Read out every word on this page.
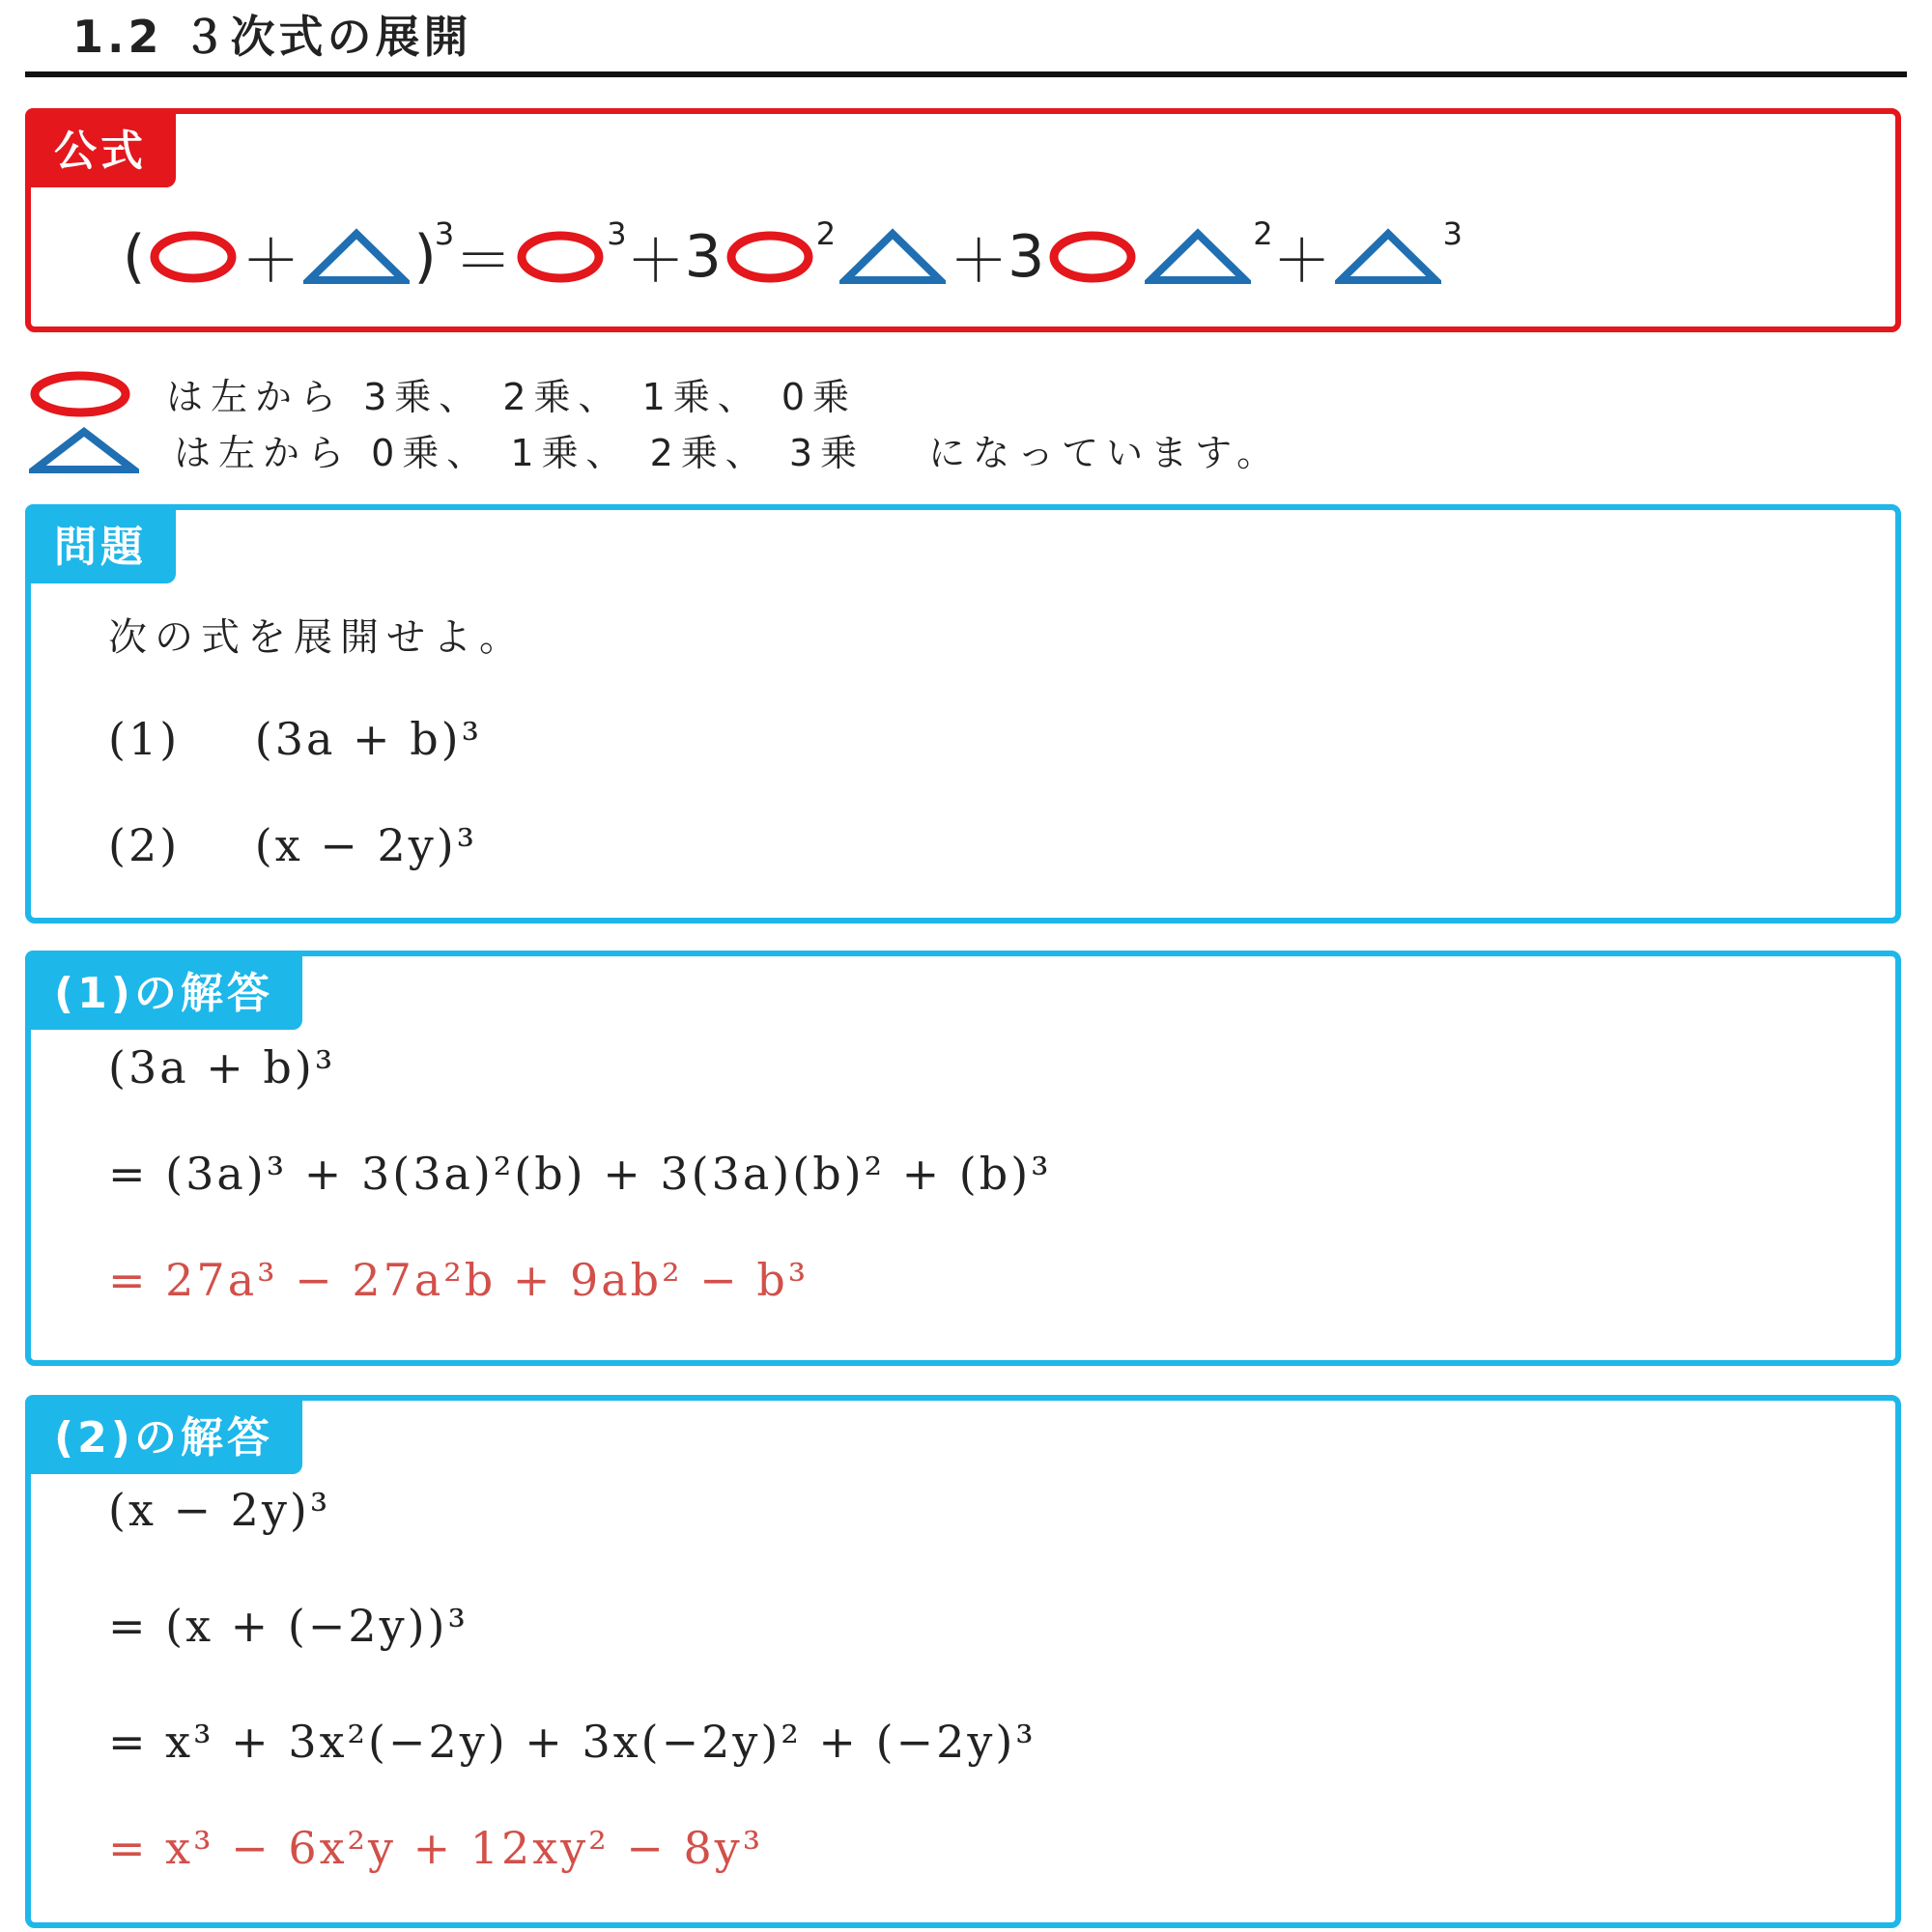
1.2 ３次式の展開
公式
( ＋ )
$^3$ ＝	$^3$ ＋ 3	$^2$ ＋ 3	$^2$ ＋	$^3$
は左から 3乗、 2乗、 1乗、 0乗
は左から 0乗、 1乗、 2乗、 3乗　 になっています。
問題
次の式を展開せよ。
(1) (3a + b)³
(2) (x − 2y)³
(1)の解答
(3a + b)³
= (3a)³ + 3(3a)²(b) + 3(3a)(b)² + (b)³
= 27a³ − 27a²b + 9ab² − b³
(2)の解答
(x − 2y)³
= (x + (−2y))³
= x³ + 3x²(−2y) + 3x(−2y)² + (−2y)³
= x³ − 6x²y + 12xy² − 8y³
